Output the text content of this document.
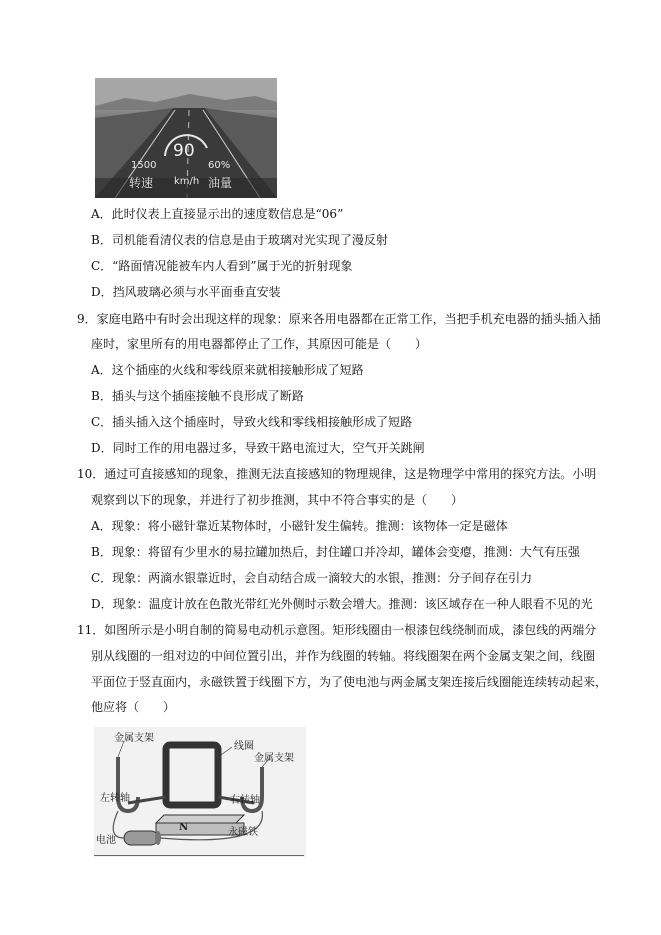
90
1500	60%
转速 km/h 油量
A．此时仪表上直接显示出的速度数信息是“06”
B．司机能看清仪表的信息是由于玻璃对光实现了漫反射
C．“路面情况能被车内人看到”属于光的折射现象
D．挡风玻璃必须与水平面垂直安装
9．家庭电路中有时会出现这样的现象：原来各用电器都在正常工作，当把手机充电器的插头插入插
座时，家里所有的用电器都停止了工作，其原因可能是（　　）
A．这个插座的火线和零线原来就相接触形成了短路
B．插头与这个插座接触不良形成了断路
C．插头插入这个插座时，导致火线和零线相接触形成了短路
D．同时工作的用电器过多，导致干路电流过大，空气开关跳闸
10．通过可直接感知的现象，推测无法直接感知的物理规律，这是物理学中常用的探究方法。小明
观察到以下的现象，并进行了初步推测，其中不符合事实的是（　　）
A．现象：将小磁针靠近某物体时，小磁针发生偏转。推测：该物体一定是磁体
B．现象：将留有少里水的易拉罐加热后，封住罐口并冷却，罐体会变瘪，推测：大气有压强
C．现象：两滴水银靠近时，会自动结合成一滴较大的水银，推测：分子间存在引力
D．现象：温度计放在色散光带红光外侧时示数会增大。推测：该区域存在一种人眼看不见的光
11．如图所示是小明自制的简易电动机示意图。矩形线圈由一根漆包线绕制而成，漆包线的两端分
别从线圈的一组对边的中间位置引出，并作为线圈的转轴。将线圈架在两个金属支架之间，线圈
平面位于竖直面内，永磁铁置于线圈下方，为了使电池与两金属支架连接后线圈能连续转动起来，
他应将（　　）
金属支架
线圈
金属支架
左转轴	右转轴
N	永磁铁
电池
